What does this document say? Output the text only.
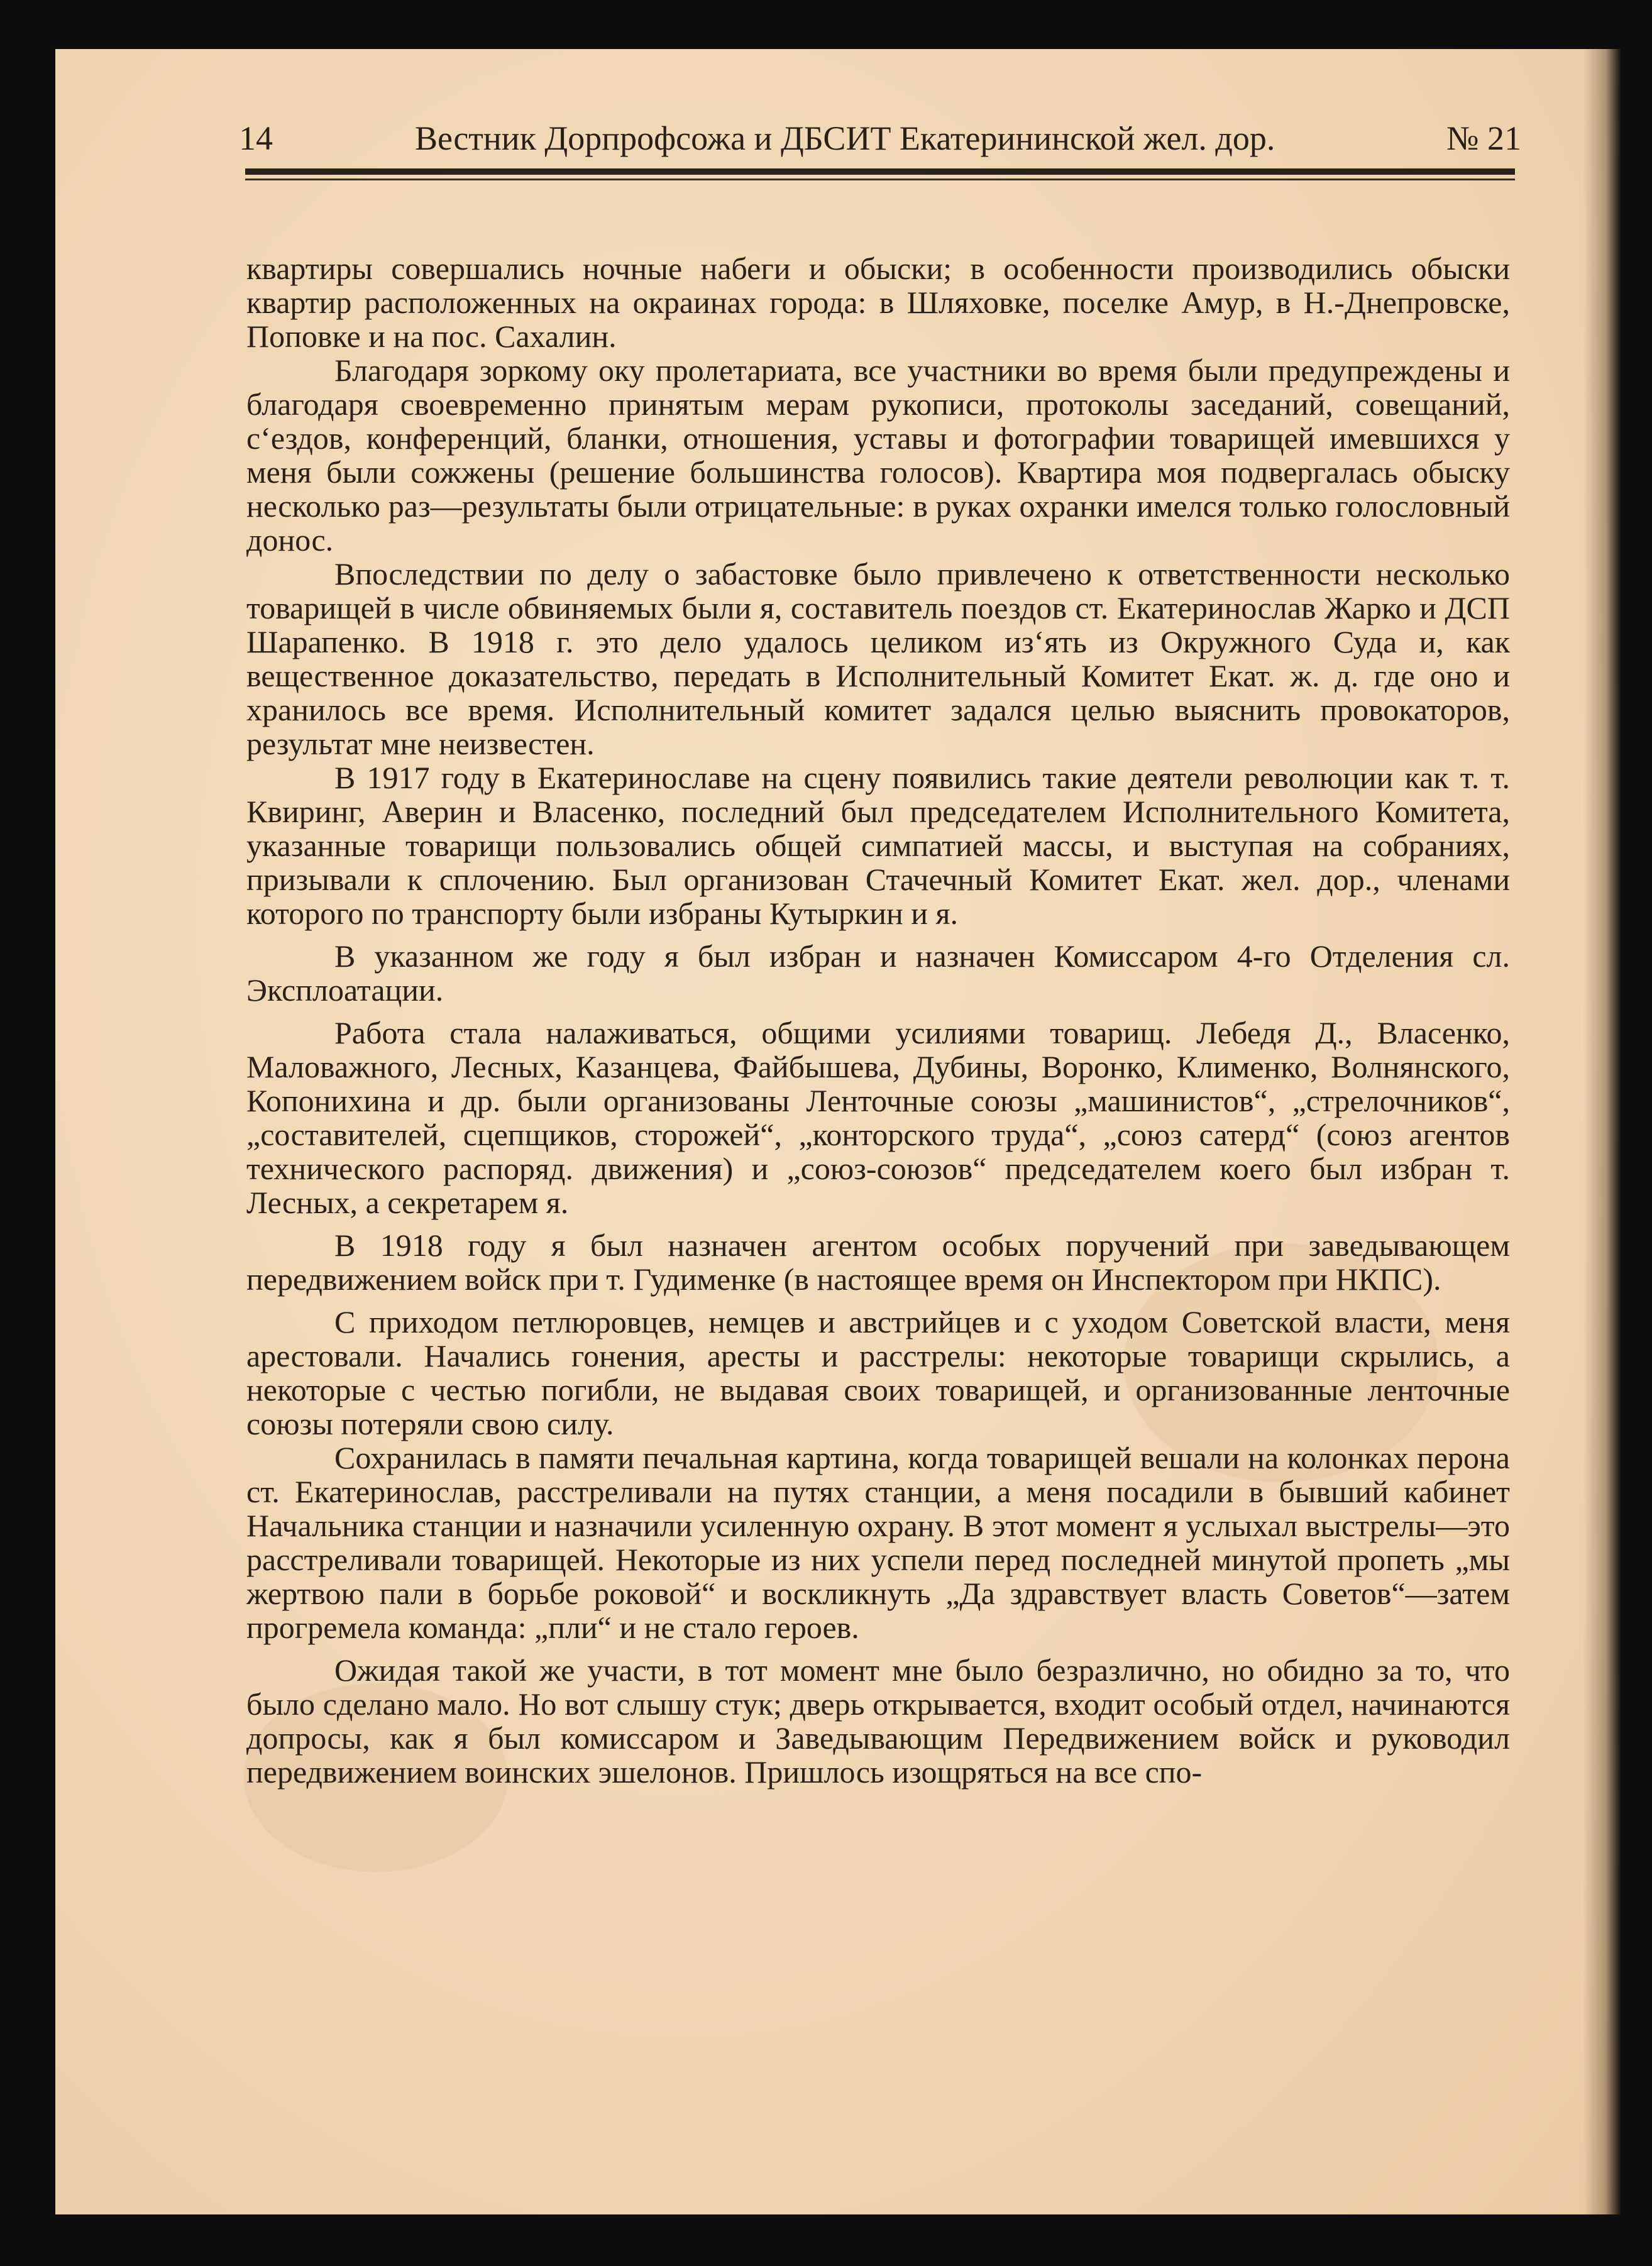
14	Вестник Дорпрофсожа и ДБСИТ Екатерининской жел. дор.	№ 21

квартиры совершались ночные набеги и обыски; в особенности производились обыски квартир расположенных на окраинах города: в Шляховке, поселке Амур, в Н.-Днепровске, Поповке и на пос. Сахалин.

Благодаря зоркому оку пролетариата, все участники во время были предупреждены и благодаря своевременно принятым мерам рукописи, протоколы заседаний, совещаний, с‘ездов, конференций, бланки, отношения, уставы и фотографии товарищей имевшихся у меня были сожжены (решение большинства голосов). Квартира моя подвергалась обыску несколько раз—результаты были отрицательные: в руках охранки имелся только голословный донос.

Впоследствии по делу о забастовке было привлечено к ответственности несколько товарищей в числе обвиняемых были я, составитель поездов ст. Екатеринослав Жарко и ДСП Шарапенко. В 1918 г. это дело удалось целиком из‘ять из Окружного Суда и, как вещественное доказательство, передать в Исполнительный Комитет Екат. ж. д. где оно и хранилось все время. Исполнительный комитет задался целью выяснить провокаторов, результат мне неизвестен.

В 1917 году в Екатеринославе на сцену появились такие деятели революции как т. т. Квиринг, Аверин и Власенко, последний был председателем Исполнительного Комитета, указанные товарищи пользовались общей симпатией массы, и выступая на собраниях, призывали к сплочению. Был организован Стачечный Комитет Екат. жел. дор., членами которого по транспорту были избраны Кутыркин и я.

В указанном же году я был избран и назначен Комиссаром 4-го Отделения сл. Эксплоатации.

Работа стала налаживаться, общими усилиями товарищ. Лебедя Д., Власенко, Маловажного, Лесных, Казанцева, Файбышева, Дубины, Воронко, Клименко, Волнянского, Копонихина и др. были организованы Ленточные союзы „машинистов“, „стрелочников“, „составителей, сцепщиков, сторожей“, „конторского труда“, „союз сатерд“ (союз агентов технического распоряд. движения) и „союз-союзов“ председателем коего был избран т. Лесных, а секретарем я.

В 1918 году я был назначен агентом особых поручений при заведывающем передвижением войск при т. Гудименке (в настоящее время он Инспектором при НКПС).

С приходом петлюровцев, немцев и австрийцев и с уходом Советской власти, меня арестовали. Начались гонения, аресты и расстрелы: некоторые товарищи скрылись, а некоторые с честью погибли, не выдавая своих товарищей, и организованные ленточные союзы потеряли свою силу.

Сохранилась в памяти печальная картина, когда товарищей вешали на колонках перона ст. Екатеринослав, расстреливали на путях станции, а меня посадили в бывший кабинет Начальника станции и назначили усиленную охрану. В этот момент я услыхал выстрелы—это расстреливали товарищей. Некоторые из них успели перед последней минутой пропеть „мы жертвою пали в борьбе роковой“ и воскликнуть „Да здравствует власть Советов“—затем прогремела команда: „пли“ и не стало героев.

Ожидая такой же участи, в тот момент мне было безразлично, но обидно за то, что было сделано мало. Но вот слышу стук; дверь открывается, входит особый отдел, начинаются допросы, как я был комиссаром и Заведывающим Передвижением войск и руководил передвижением воинских эшелонов. Пришлось изощряться на все спо-
